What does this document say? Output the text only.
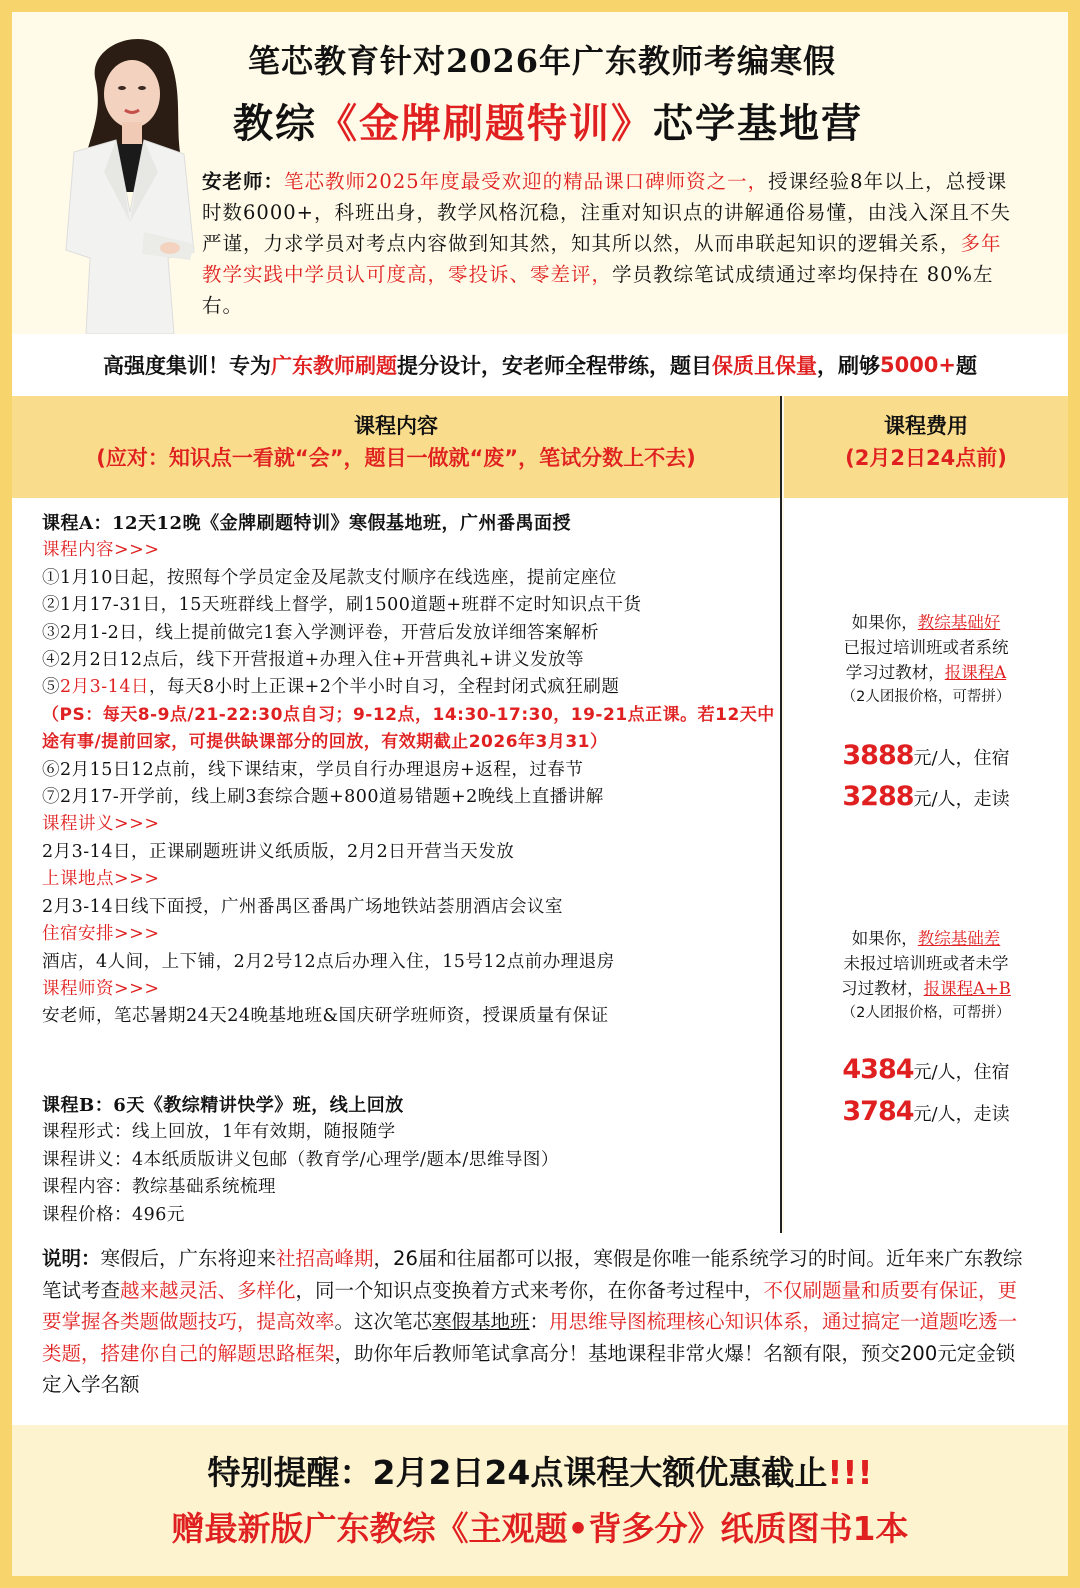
笔芯教育针对2026年广东教师考编寒假
教综《金牌刷题特训》芯学基地营
安老师：笔芯教师2025年度最受欢迎的精品课口碑师资之一，授课经验8年以上，总授课时数6000+，科班出身，教学风格沉稳，注重对知识点的讲解通俗易懂，由浅入深且不失严谨，力求学员对考点内容做到知其然，知其所以然，从而串联起知识的逻辑关系，多年教学实践中学员认可度高，零投诉、零差评，学员教综笔试成绩通过率均保持在 80%左右。
高强度集训！专为 广东教师刷题 提分设计，安老师全程带练，题目 保质且保量 ，刷够 5000+ 题
课程内容
(应对：知识点一看就“会”，题目一做就“废”，笔试分数上不去)
课程费用
(2月2日24点前)
课程A：12天12晚《金牌刷题特训》寒假基地班，广州番禺面授
课程内容>>>
①1月10日起，按照每个学员定金及尾款支付顺序在线选座，提前定座位
②1月17-31日，15天班群线上督学，刷1500道题+班群不定时知识点干货
③2月1-2日，线上提前做完1套入学测评卷，开营后发放详细答案解析
④2月2日12点后，线下开营报道+办理入住+开营典礼+讲义发放等
⑤2月3-14日，每天8小时上正课+2个半小时自习，全程封闭式疯狂刷题
（PS：每天8-9点/21-22:30点自习；9-12点，14:30-17:30，19-21点正课。若12天中途有事/提前回家，可提供缺课部分的回放，有效期截止2026年3月31）
⑥2月15日12点前，线下课结束，学员自行办理退房+返程，过春节
⑦2月17-开学前，线上刷3套综合题+800道易错题+2晚线上直播讲解
课程讲义>>>
2月3-14日，正课刷题班讲义纸质版，2月2日开营当天发放
上课地点>>>
2月3-14日线下面授，广州番禺区番禺广场地铁站荟朋酒店会议室
住宿安排>>>
酒店，4人间，上下铺，2月2号12点后办理入住，15号12点前办理退房
课程师资>>>
安老师，笔芯暑期24天24晚基地班&国庆研学班师资，授课质量有保证
课程B：6天《教综精讲快学》班，线上回放
课程形式：线上回放，1年有效期，随报随学
课程讲义：4本纸质版讲义包邮（教育学/心理学/题本/思维导图）
课程内容：教综基础系统梳理
课程价格：496元
如果你，教综基础好
已报过培训班或者系统
学习过教材，报课程A
（2人团报价格，可帮拼）
3888元/人，住宿
3288元/人，走读
如果你，教综基础差
未报过培训班或者未学
习过教材，报课程A+B
（2人团报价格，可帮拼）
4384元/人，住宿
3784元/人，走读
说明：寒假后，广东将迎来社招高峰期，26届和往届都可以报，寒假是你唯一能系统学习的时间。近年来广东教综笔试考查越来越灵活、多样化，同一个知识点变换着方式来考你，在你备考过程中，不仅刷题量和质要有保证，更要掌握各类题做题技巧，提高效率。这次笔芯寒假基地班：用思维导图梳理核心知识体系，通过搞定一道题吃透一类题，搭建你自己的解题思路框架，助你年后教师笔试拿高分！基地课程非常火爆！名额有限，预交200元定金锁定入学名额
特别提醒：2月2日24点课程大额优惠截止!!!
赠最新版广东教综《主观题•背多分》纸质图书1本
